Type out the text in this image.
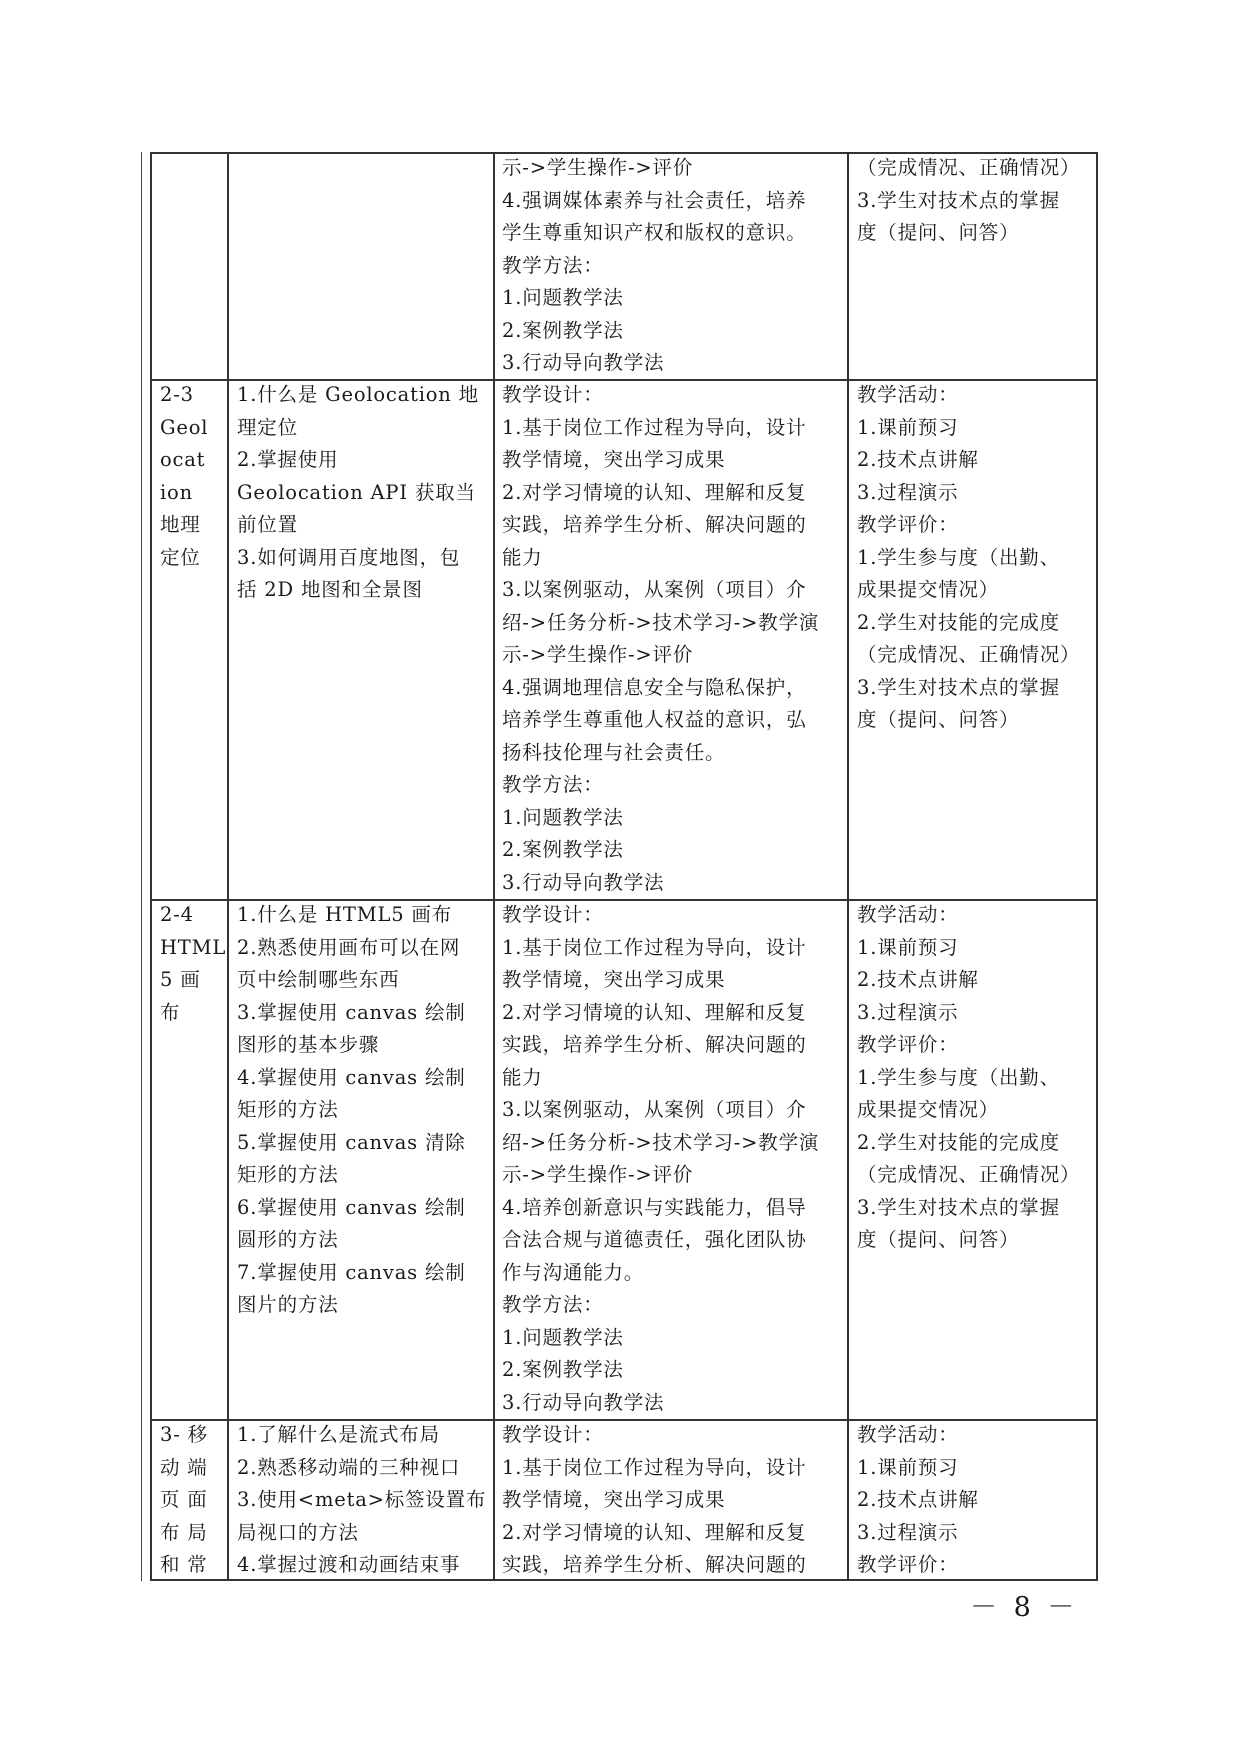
示->学生操作->评价
4.强调媒体素养与社会责任，培养
学生尊重知识产权和版权的意识。
教学方法：
1.问题教学法
2.案例教学法
3.行动导向教学法
（完成情况、正确情况）
3.学生对技术点的掌握
度（提问、问答）
2-3
Geol
ocat
ion
地理
定位
1.什么是 Geolocation 地
理定位
2.掌握使用
Geolocation API 获取当
前位置
3.如何调用百度地图，包
括 2D 地图和全景图
教学设计：
1.基于岗位工作过程为导向，设计
教学情境，突出学习成果
2.对学习情境的认知、理解和反复
实践，培养学生分析、解决问题的
能力
3.以案例驱动，从案例（项目）介
绍->任务分析->技术学习->教学演
示->学生操作->评价
4.强调地理信息安全与隐私保护，
培养学生尊重他人权益的意识，弘
扬科技伦理与社会责任。
教学方法：
1.问题教学法
2.案例教学法
3.行动导向教学法
教学活动：
1.课前预习
2.技术点讲解
3.过程演示
教学评价：
1.学生参与度（出勤、
成果提交情况）
2.学生对技能的完成度
（完成情况、正确情况）
3.学生对技术点的掌握
度（提问、问答）
2-4
HTML
5 画
布
1.什么是 HTML5 画布
2.熟悉使用画布可以在网
页中绘制哪些东西
3.掌握使用 canvas 绘制
图形的基本步骤
4.掌握使用 canvas 绘制
矩形的方法
5.掌握使用 canvas 清除
矩形的方法
6.掌握使用 canvas 绘制
圆形的方法
7.掌握使用 canvas 绘制
图片的方法
教学设计：
1.基于岗位工作过程为导向，设计
教学情境，突出学习成果
2.对学习情境的认知、理解和反复
实践，培养学生分析、解决问题的
能力
3.以案例驱动，从案例（项目）介
绍->任务分析->技术学习->教学演
示->学生操作->评价
4.培养创新意识与实践能力，倡导
合法合规与道德责任，强化团队协
作与沟通能力。
教学方法：
1.问题教学法
2.案例教学法
3.行动导向教学法
教学活动：
1.课前预习
2.技术点讲解
3.过程演示
教学评价：
1.学生参与度（出勤、
成果提交情况）
2.学生对技能的完成度
（完成情况、正确情况）
3.学生对技术点的掌握
度（提问、问答）
3- 移
动 端
页 面
布 局
和 常
1.了解什么是流式布局
2.熟悉移动端的三种视口
3.使用<meta>标签设置布
局视口的方法
4.掌握过渡和动画结束事
教学设计：
1.基于岗位工作过程为导向，设计
教学情境，突出学习成果
2.对学习情境的认知、理解和反复
实践，培养学生分析、解决问题的
教学活动：
1.课前预习
2.技术点讲解
3.过程演示
教学评价：
－ 8 －
